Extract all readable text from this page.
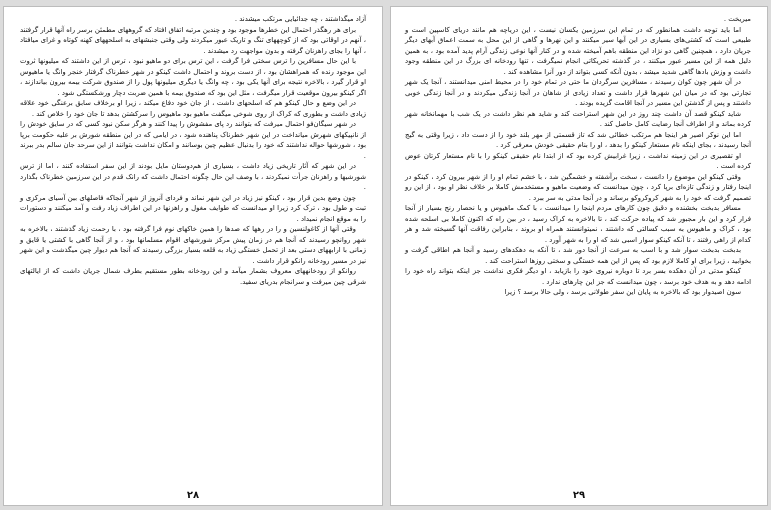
آزاد میگذاشتند ، چه جدائیایی مرتکب میشدند .

برای هر رهگذر احتمال این خطرها موجود بود و چندین مرتبه اتفاق افتاد که گروههای مطمئن برسر راه آنها قرار گرفتند ، آنهم در اوقاتی بود که از کوچههای تنگ و تاریک عبور میکردند ولی وقتی جنبشهای به اسلحههای کهنه کوتاه و غرای میافتاد ، آنها را بجای راهزنان گرفته و بدون مواجهت رد میشدند .

با این حال مسافرین را ترس سختی فرا گرفت ، این ترس برای دو ماهیو نبود ، ترس از این داشتند که میلیونها ثروت این موجود رنده که همراهشان بود ، از دست بروند و احتمال داشت کینکو در شهر خطرناک گرفتار خنجر وانگ یا ماهیوس او قرار گیرد ، بالاخره نتیجه برای آنها یکی بود ، چه وانگ یا دیگری میلیونها پول را از صندوق شرکت بیمه بیرون بیاندازند ، اگر کینکو بیرون موقعیت قرار میگرفت ، مثل این بود که صندوق بیمه با همین ضربت دچار ورشکستگی شود .

در این وضع و حال کینکو هم که اسلحهای داشت ، از جان خود دفاع میکند ، زیرا او برخلاف سابق برعنگی خود علاقه زیادی داشت و بطوری که کراک از روی شوخی میگفت ماهیو بود ماهیوس را سرکشتن بدهد تا جان خود را خلاص کند .

در شهر سیگان‌فو احتمال میرفت که بتوانند رد پای مفشوش را پیدا کنند و هرگز سکن نبود کسی که در سایق خودش را از نانپیکهای شهرش میانداخت در این شهر خطرناک پناهنده شود ، در ایامی که در این منطقه شورش بر علیه حکومت برپا بود ، شورشها حواله نداشتند که خود را بدنبال عظیم چین بوسانند و امکان نداشت بتوانند از این سرحد جان سالم بدر ببرند .

در این شهر که آثار تاریخی زیاد داشت ، بسیاری از هم‌دوستان مایل بودند از این سفر استفاده کنند ، اما از ترس شورشیها و راهزنان جرأت نمیکردند ، با وصف این حال چگونه احتمال داشت که رانک قدم در این سرزمین خطرناک بگذارد .

چون وضع بدین قرار بود ، کینکو نیز زیاد در این شهر نماند و فردای آنروز از شهر آنجاکه فاصلهای بین آسیای مرکزی و تبت و طول بود ، ترک کرد زیرا او میدانست که طوایف مغول و راهزنها در این اطراف زیاد رفت و آمد میکنند و دستورات را به موقع انجام نمیداد .

وقتی آنها از کاغولنسین و را در رهها که صدها را همین خاکهای نوم فرا گرفته بود ، با رحمت زیاد گذشتند ، بالاخره به شهر روانچو رسیدند که آنجا هم در زمان پیش مرکز شورشهای اقوام مسلمانها بود ، و از آنجا گاهی با کشتی یا قایق و زمانی با ارابههای دستی بعد از تحمل خستگی زیاد به قلعه بسیار بزرگی رسیدند که آنجا هم دیوار چین میگذشت و این شهر نیز در مسیر رودخانه رانکو قرار داشت .

روانکو از رودخانههای معروف بشمار میآمد و این رودخانه بطور مستقیم بطرف شمال جریان داشت که از ایالتهای شرقی چین میرفت و سرانجام بدریای سفید.

۲۸

میریخت .

اما باید توجه داشت همانطور که در تمام این سرزمین یکسان نیست ، این دریاچه هم مانند دریای کاسپین است و طبیعی است که کشتی‌های بسیاری در این آبها سیر میکنند و این نهرها و گاهی از این محل به سمت اعماق آبهای دیگر جریان دارد ، همچنین گاهی دو نژاد این منطقه باهم آمیخته شده و در کنار آنها نوعی زندگی آرام پدید آمده بود ، به همین دلیل همه از این مسیر عبور میکنند ، در گذشته تحریکاتی انجام نمیگرفت ، تنها رودخانه ای بزرگ در این منطقه وجود داشت و وزش بادها گاهی شدید میشد ، بدون آنکه کسی بتواند از دور آنرا مشاهده کند .

در آن شهر چون کوان رسیدند ، مسافرین سرگردان ما حتی در تمام خود را در محیط امنی میدانستند ، آنجا یک شهر تجارتی بود که در میان این شهرها قرار داشت و تعداد زیادی از شاهان در آنجا زندگی میکردند و در آنجا زندگی خوبی داشتند و پس از گذشتن این مسیر در آنجا اقامت گزیده بودند .

شاید کینکو قصد آن داشت چند روز در این شهر استراحت کند و شاید هم نظر داشت در یک شب با مهمانخانه شهر کرده بماند و از اطراف آنجا رضایت کامل حاصل کند .

اما این نوکر اصیر هر اینجا هم مرتکب خطائی شد که تاز قسمتی از مهر بلند خود را از دست داد ، زیرا وقتی به گیج آنجا رسیدند ، بجای اینکه نام مستعار کینکو را بدهد ، او را بنام حقیقی خودش معرفی کرد .

او تقصیری در این زمینه نداشت ، زیرا غرابیش کرده بود که از ابتدا نام حقیقی کینکو را با نام مستعار کرتان عوض کرده است .

وقتی کینکو این موضوع را دانست ، سخت برآشفته و خشمگین شد ، با خشم تمام او را از شهر بیرون کرد ، کینکو در اینجا رفتار و زندگی تازه‌ای برپا کرد ، چون میدانست که وضعیت ماهیو و مستخدمش کاملا بر خلاف نظر او بود ، از این رو تصمیم گرفت که خود را به شهر کروکروکو برساند و در آنجا مدتی به سر ببرد .

مسافر بدبخت بخشنده و دقیق چون کارهای مردم اینجا را میدانست ، با کمک ماهیوس و یا نحصار رنج بسیار از آنجا فرار کرد و این بار مجبور شد که پیاده حرکت کند ، تا بالاخره به کراک رسید ، در بین راه که اکنون کاملا بی اسلحه شده بود ، کراک و ماهیوس به سبب کسالتی که داشتند ، نمیتوانستند همراه او بروند ، بنابراین رفاقت آنها گسیخته شد و هر کدام از راهی رفتند ، تا آنکه کینکو سوار اسبی شد که او را به شهر آورد .

بدبخت بدبخت سوار شد و با اسب به سرعت از آنجا دور شد ، تا آنکه به دهکدهای رسید و آنجا هم اطاقی گرفت و بخوابید ، زیرا برای او کاملا لازم بود که پس از این همه خستگی و سختی روزها استراحت کند .

کینکو مدتی در آن دهکده بسر برد تا دوباره نیروی خود را بازیابد ، او دیگر فکری نداشت جز اینکه بتواند راه خود را ادامه دهد و به هدف خود برسد ، چون میدانست که جز این چارهای ندارد .

سون اصیدوار بود که بالاخره به پایان این سفر طولانی برسد ، ولی حالا برسد ؟ زیرا

۲۹
